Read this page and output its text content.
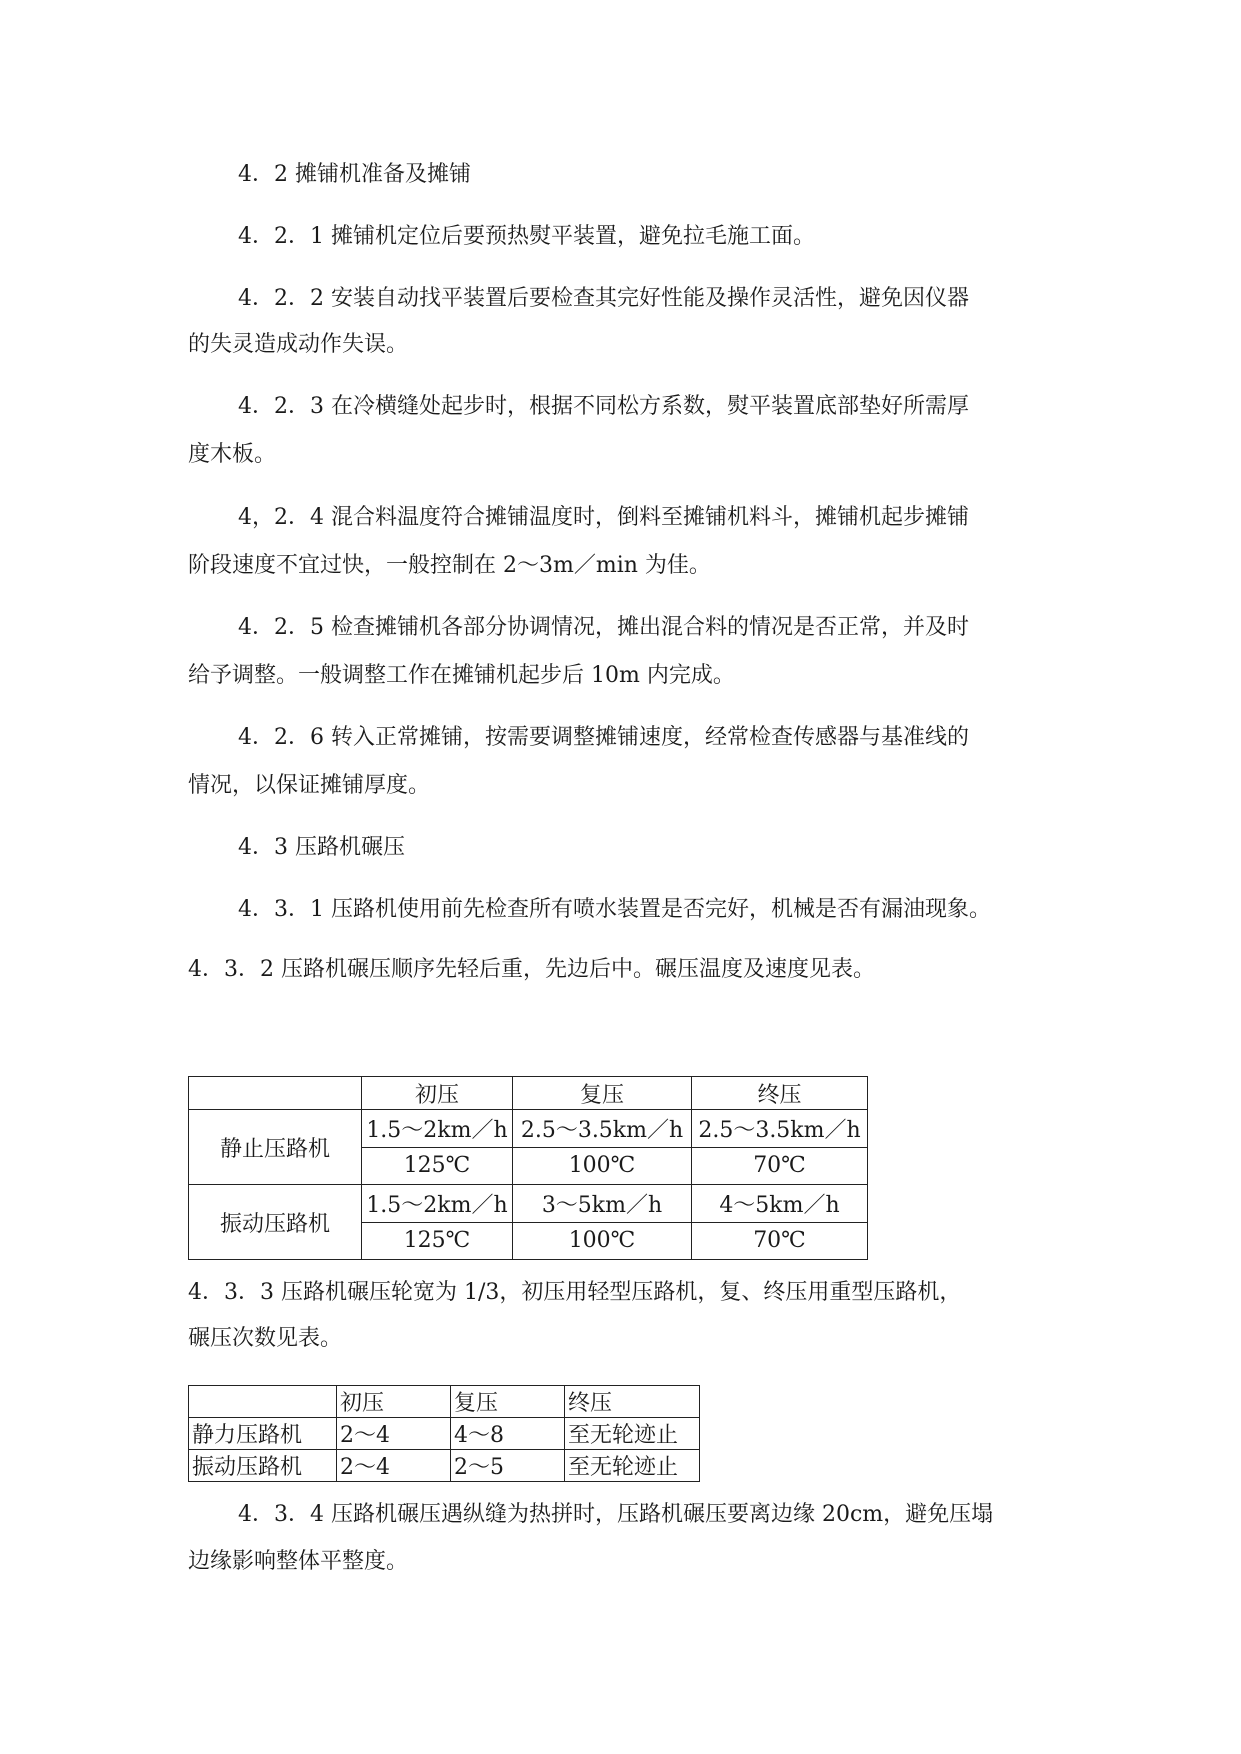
4．2 摊铺机准备及摊铺
4．2．1 摊铺机定位后要预热熨平装置，避免拉毛施工面。
4．2．2 安装自动找平装置后要检查其完好性能及操作灵活性，避免因仪器
的失灵造成动作失误。
4．2．3 在冷横缝处起步时，根据不同松方系数，熨平装置底部垫好所需厚
度木板。
4，2．4 混合料温度符合摊铺温度时，倒料至摊铺机料斗，摊铺机起步摊铺
阶段速度不宜过快，一般控制在 2～3m／min 为佳。
4．2．5 检查摊铺机各部分协调情况，摊出混合料的情况是否正常，并及时
给予调整。一般调整工作在摊铺机起步后 10m 内完成。
4．2．6 转入正常摊铺，按需要调整摊铺速度，经常检查传感器与基准线的
情况，以保证摊铺厚度。
4．3 压路机碾压
4．3．1 压路机使用前先检查所有喷水装置是否完好，机械是否有漏油现象。
4．3．2 压路机碾压顺序先轻后重，先边后中。碾压温度及速度见表。
	初压	复压	终压
静止压路机	1.5～2km／h	2.5～3.5km／h	2.5～3.5km／h
	125℃	100℃	70℃
振动压路机	1.5～2km／h	3～5km／h	4～5km／h
	125℃	100℃	70℃
4．3．3 压路机碾压轮宽为 1/3，初压用轻型压路机，复、终压用重型压路机，
碾压次数见表。
	初压	复压	终压
静力压路机	2～4	4～8	至无轮迹止
振动压路机	2～4	2～5	至无轮迹止
4．3．4 压路机碾压遇纵缝为热拼时，压路机碾压要离边缘 20cm，避免压塌
边缘影响整体平整度。
